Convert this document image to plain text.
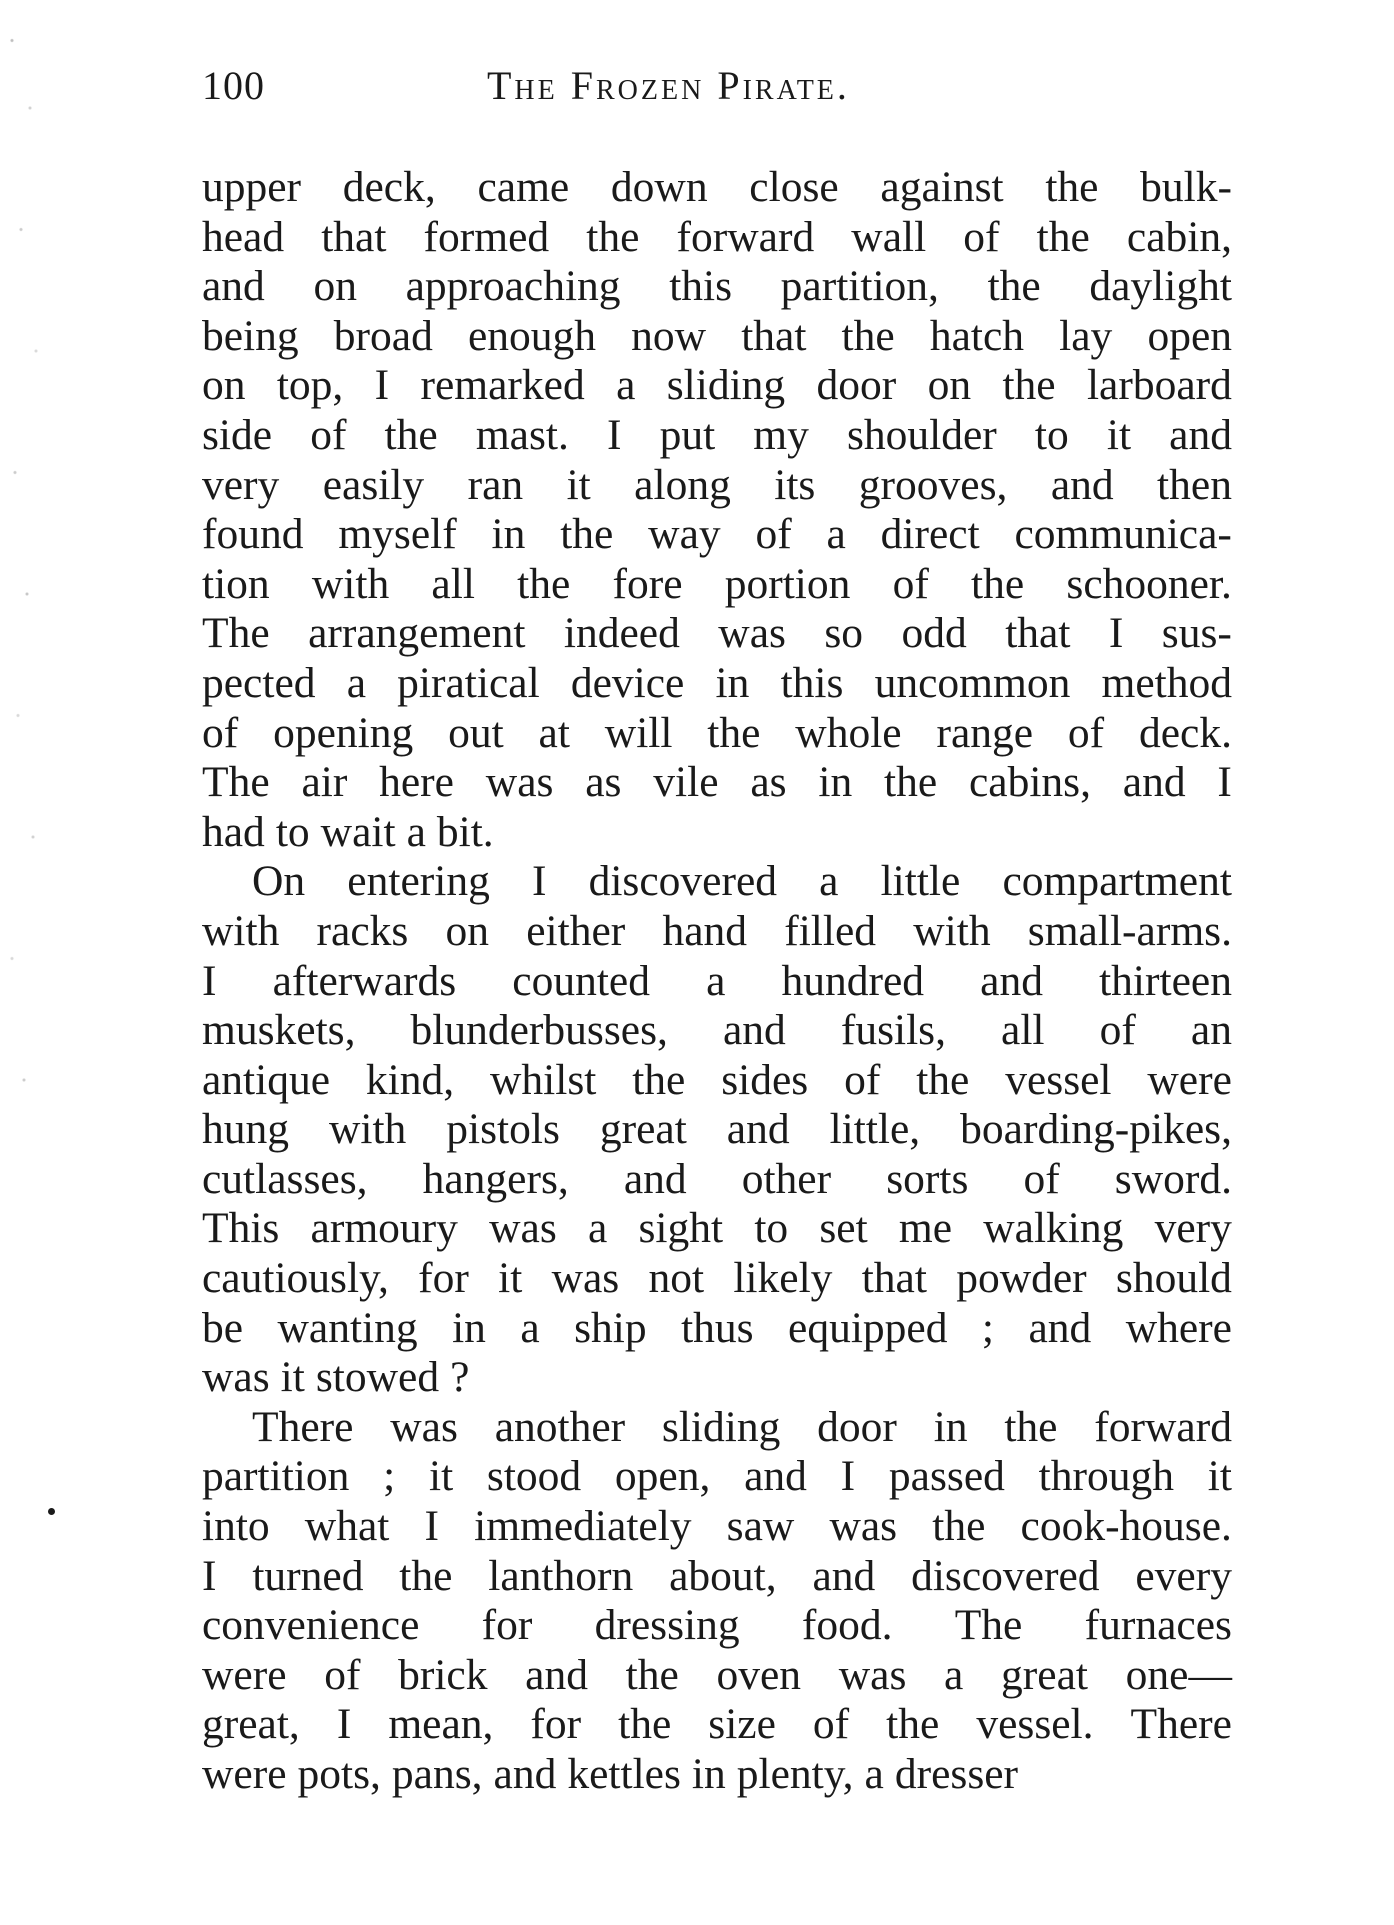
100	The Frozen Pirate.
upper deck, came down close against the bulk-
head that formed the forward wall of the cabin,
and on approaching this partition, the daylight
being broad enough now that the hatch lay open
on top, I remarked a sliding door on the larboard
side of the mast. I put my shoulder to it and
very easily ran it along its grooves, and then
found myself in the way of a direct communica-
tion with all the fore portion of the schooner.
The arrangement indeed was so odd that I sus-
pected a piratical device in this uncommon method
of opening out at will the whole range of deck.
The air here was as vile as in the cabins, and I
had to wait a bit.
On entering I discovered a little compartment
with racks on either hand filled with small-arms.
I afterwards counted a hundred and thirteen
muskets, blunderbusses, and fusils, all of an
antique kind, whilst the sides of the vessel were
hung with pistols great and little, boarding-pikes,
cutlasses, hangers, and other sorts of sword.
This armoury was a sight to set me walking very
cautiously, for it was not likely that powder should
be wanting in a ship thus equipped ; and where
was it stowed ?
There was another sliding door in the forward
partition ; it stood open, and I passed through it
into what I immediately saw was the cook-house.
I turned the lanthorn about, and discovered every
convenience for dressing food. The furnaces
were of brick and the oven was a great one—
great, I mean, for the size of the vessel. There
were pots, pans, and kettles in plenty, a dresser
